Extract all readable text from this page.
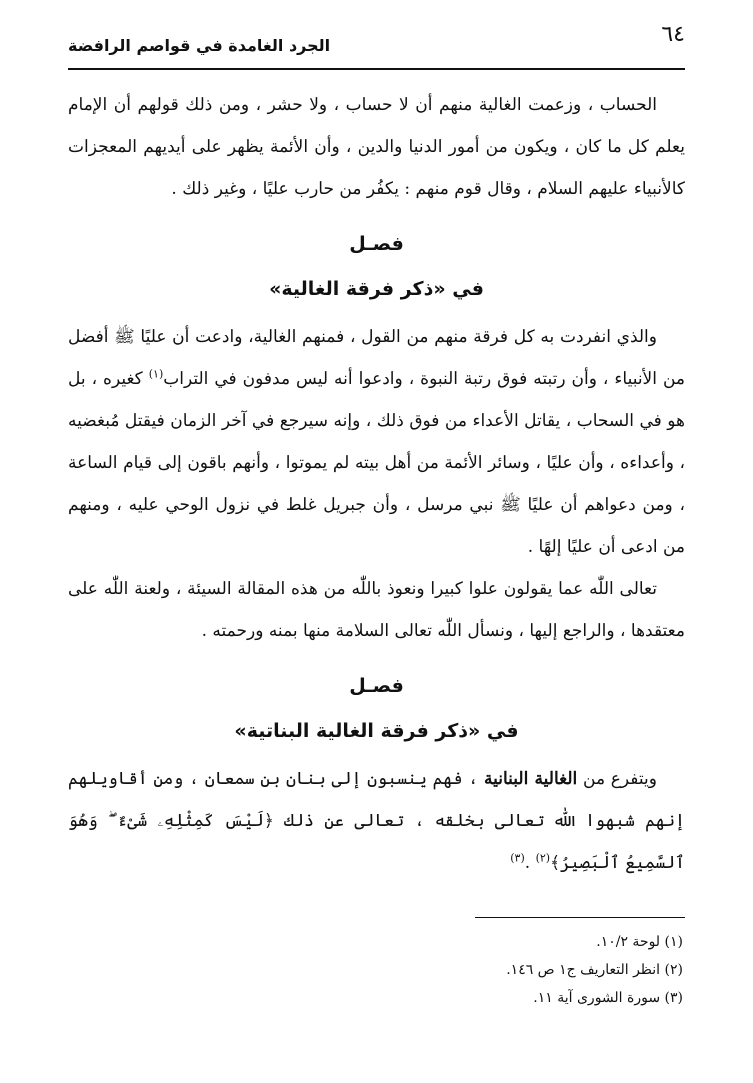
٦٤
الجرد الغامدة في قواصم الرافضة

الحساب ، وزعمت الغالية منهم أن لا حساب ، ولا حشر ، ومن ذلك قولهم أن الإمام يعلم كل ما كان ، ويكون من أمور الدنيا والدين ، وأن الأئمة يظهر على أيديهم المعجزات كالأنبياء عليهم السلام ، وقال قوم منهم : يكفُر من حارب عليًا ، وغير ذلك .

فصـل
في «ذكر فرقة الغالية»

والذي انفردت به كل فرقة منهم من القول ، فمنهم الغالية، وادعت أن عليًا ﷺ أفضل من الأنبياء ، وأن رتبته فوق رتبة النبوة ، وادعوا أنه ليس مدفون في التراب$^{(١)}$ كغيره ، بل هو في السحاب ، يقاتل الأعداء من فوق ذلك ، وإنه سيرجع في آخر الزمان فيقتل مُبغضيه ، وأعداءه ، وأن عليًا ، وسائر الأئمة من أهل بيته لم يموتوا ، وأنهم باقون إلى قيام الساعة ، ومن دعواهم أن عليًا ﷺ نبي مرسل ، وأن جبريل غلط في نزول الوحي عليه ، ومنهم من ادعى أن عليًا إلهًا .

تعالى اللّٰه عما يقولون علوا كبيرا ونعوذ باللّٰه من هذه المقالة السيئة ، ولعنة اللّٰه على معتقدها ، والراجع إليها ، ونسأل اللّٰه تعالى السلامة منها بمنه ورحمته .

فصـل
في «ذكر فرقة الغالية البناتية»

ويتفرع من الغالية البنانية ، فهم ينسبون إلى بنان بن سمعان ، ومن أقاويلهم إنهم شبهوا اللّٰه تعالى بخلقه ، تعالى عن ذلك ﴿لَيْسَ كَمِثْلِهِۦ شَىْءٌ ۖ وَهُوَ ٱلسَّمِيعُ ٱلْبَصِيرُ﴾$^{(٢)}$ .$^{(٣)}$

(١) لوحة ١٠/٢.
(٢) انظر التعاريف ج١ ص ١٤٦.
(٣) سورة الشورى آية ١١.
